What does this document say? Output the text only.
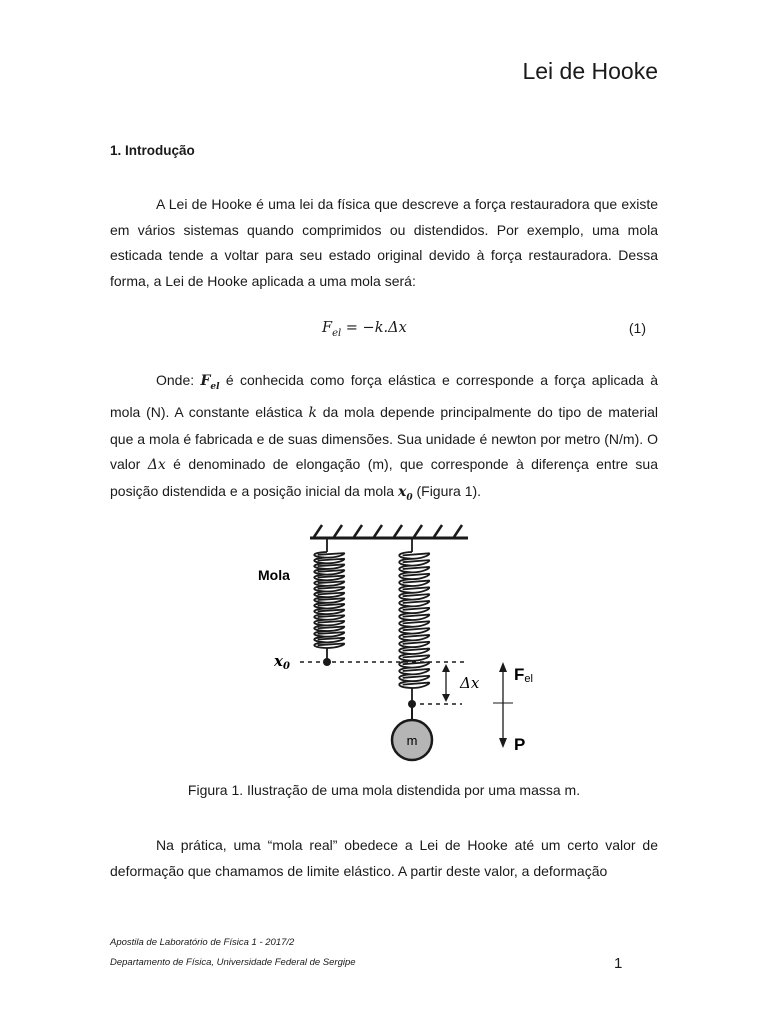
Lei de Hooke
1. Introdução

A Lei de Hooke é uma lei da física que descreve a força restauradora que existe em vários sistemas quando comprimidos ou distendidos. Por exemplo, uma mola esticada tende a voltar para seu estado original devido à força restauradora. Dessa forma, a Lei de Hooke aplicada a uma mola será:

$F_{el} = -k.\Delta x$	(1)

Onde: $F_{el}$ é conhecida como força elástica e corresponde a força aplicada à mola (N). A constante elástica k da mola depende principalmente do tipo de material que a mola é fabricada e de suas dimensões. Sua unidade é newton por metro (N/m). O valor Δx é denominado de elongação (m), que corresponde à diferença entre sua posição distendida e a posição inicial da mola $x_0$ (Figura 1).

m
Δx Fel
P
Mola
$x_0$
Figura 1. Ilustração de uma mola distendida por uma massa m.

Na prática, uma “mola real” obedece a Lei de Hooke até um certo valor de deformação que chamamos de limite elástico. A partir deste valor, a deformação

Apostila de Laboratório de Física 1 - 2017/2
Departamento de Física, Universidade Federal de Sergipe	1
